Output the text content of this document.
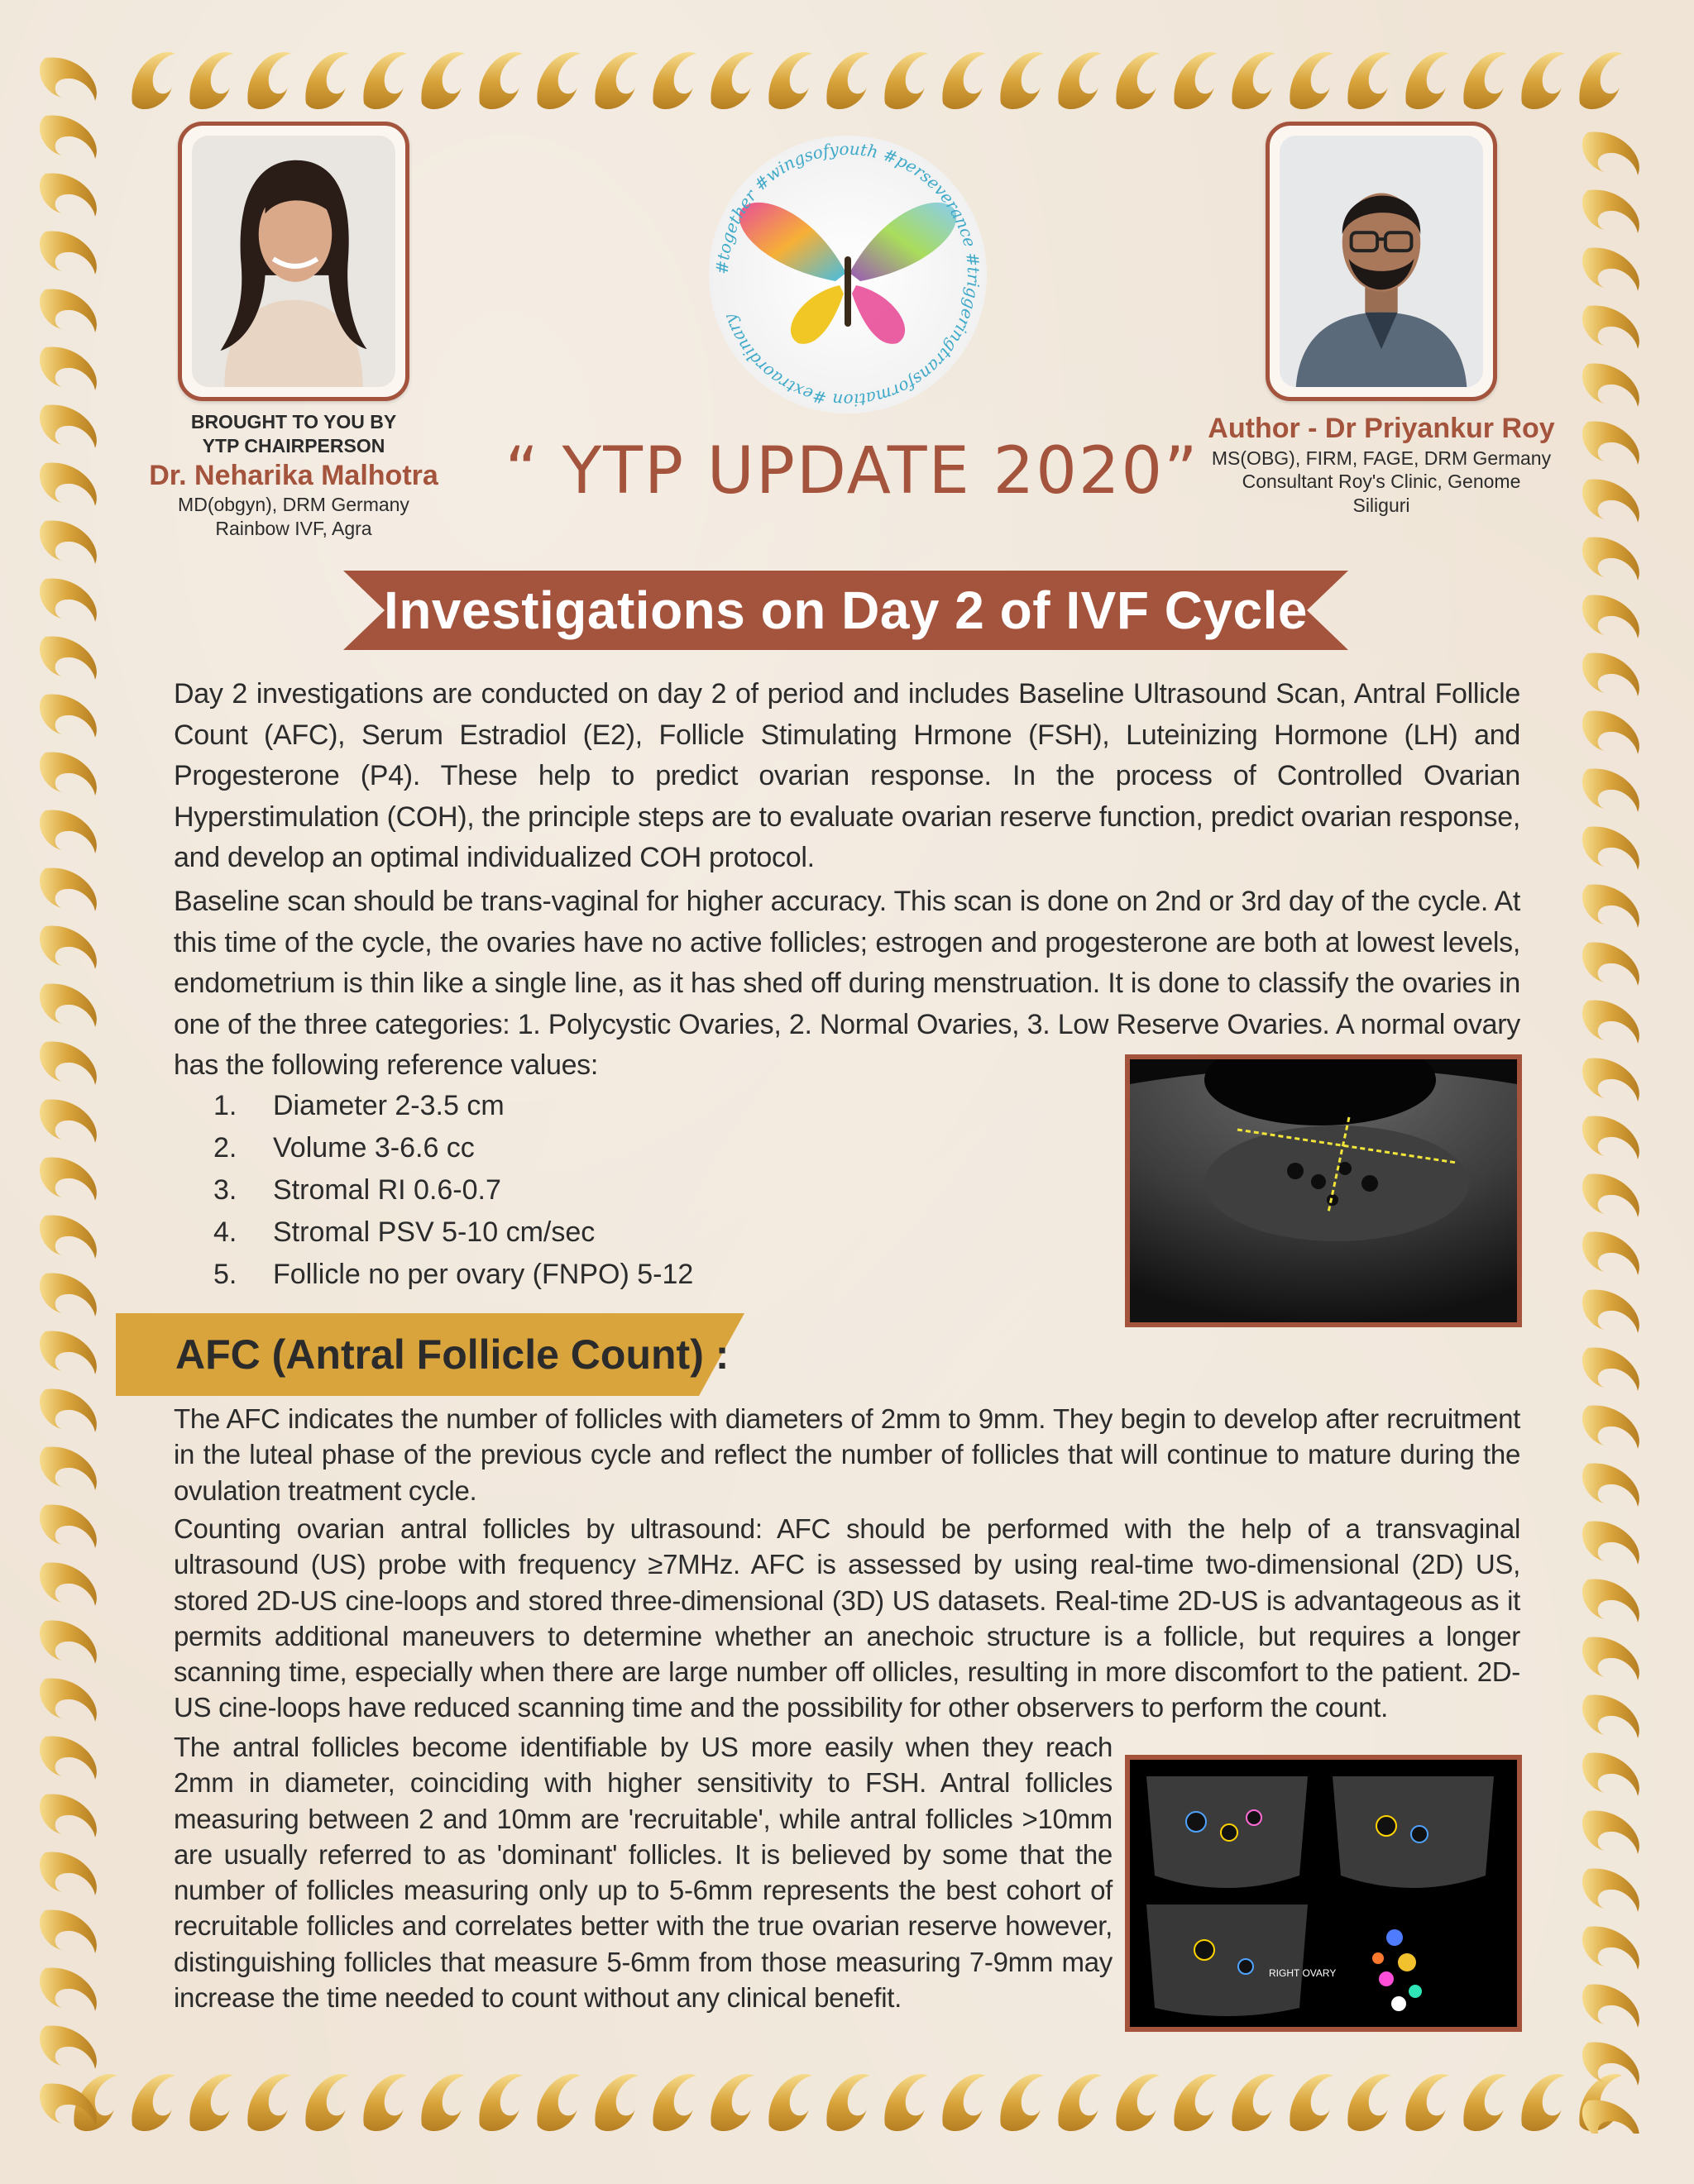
BROUGHT TO YOU BY
YTP CHAIRPERSON
Dr. Neharika Malhotra
MD(obgyn), DRM Germany
Rainbow IVF, Agra
#together #wingsofyouth #perseverance #triggeringtransformation #extraordinary
Author - Dr Priyankur Roy
MS(OBG), FIRM, FAGE, DRM Germany
Consultant Roy's Clinic, Genome
Siliguri
“ YTP UPDATE 2020”
Investigations on Day 2 of IVF Cycle

Day 2 investigations are conducted on day 2 of period and includes Baseline Ultrasound Scan, Antral Follicle Count (AFC), Serum Estradiol (E2), Follicle Stimulating Hrmone (FSH), Luteinizing Hormone (LH) and Progesterone (P4). These help to predict ovarian response. In the process of Controlled Ovarian Hyperstimulation (COH), the principle steps are to evaluate ovarian reserve function, predict ovarian response, and develop an optimal individualized COH protocol.

Baseline scan should be trans-vaginal for higher accuracy. This scan is done on 2nd or 3rd day of the cycle. At this time of the cycle, the ovaries have no active follicles; estrogen and progesterone are both at lowest levels, endometrium is thin like a single line, as it has shed off during menstruation. It is done to classify the ovaries in one of the three categories: 1. Polycystic Ovaries, 2. Normal Ovaries, 3. Low Reserve Ovaries. A normal ovary has the following reference values:

1.	Diameter 2-3.5 cm
2.	Volume 3-6.6 cc
3.	Stromal RI 0.6-0.7
4.	Stromal PSV 5-10 cm/sec
5.	Follicle no per ovary (FNPO) 5-12
AFC (Antral Follicle Count) :

The AFC indicates the number of follicles with diameters of 2mm to 9mm. They begin to develop after recruitment in the luteal phase of the previous cycle and reflect the number of follicles that will continue to mature during the ovulation treatment cycle.

Counting ovarian antral follicles by ultrasound: AFC should be performed with the help of a transvaginal ultrasound (US) probe with frequency ≥7MHz. AFC is assessed by using real-time two-dimensional (2D) US, stored 2D-US cine-loops and stored three-dimensional (3D) US datasets. Real-time 2D-US is advantageous as it permits additional maneuvers to determine whether an anechoic structure is a follicle, but requires a longer scanning time, especially when there are large number off ollicles, resulting in more discomfort to the patient. 2D-US cine-loops have reduced scanning time and the possibility for other observers to perform the count.

The antral follicles become identifiable by US more easily when they reach 2mm in diameter, coinciding with higher sensitivity to FSH. Antral follicles measuring between 2 and 10mm are 'recruitable', while antral follicles >10mm are usually referred to as 'dominant' follicles. It is believed by some that the number of follicles measuring only up to 5-6mm represents the best cohort of recruitable follicles and correlates better with the true ovarian reserve however, distinguishing follicles that measure 5-6mm from those measuring 7-9mm may increase the time needed to count without any clinical benefit.

RIGHT OVARY
